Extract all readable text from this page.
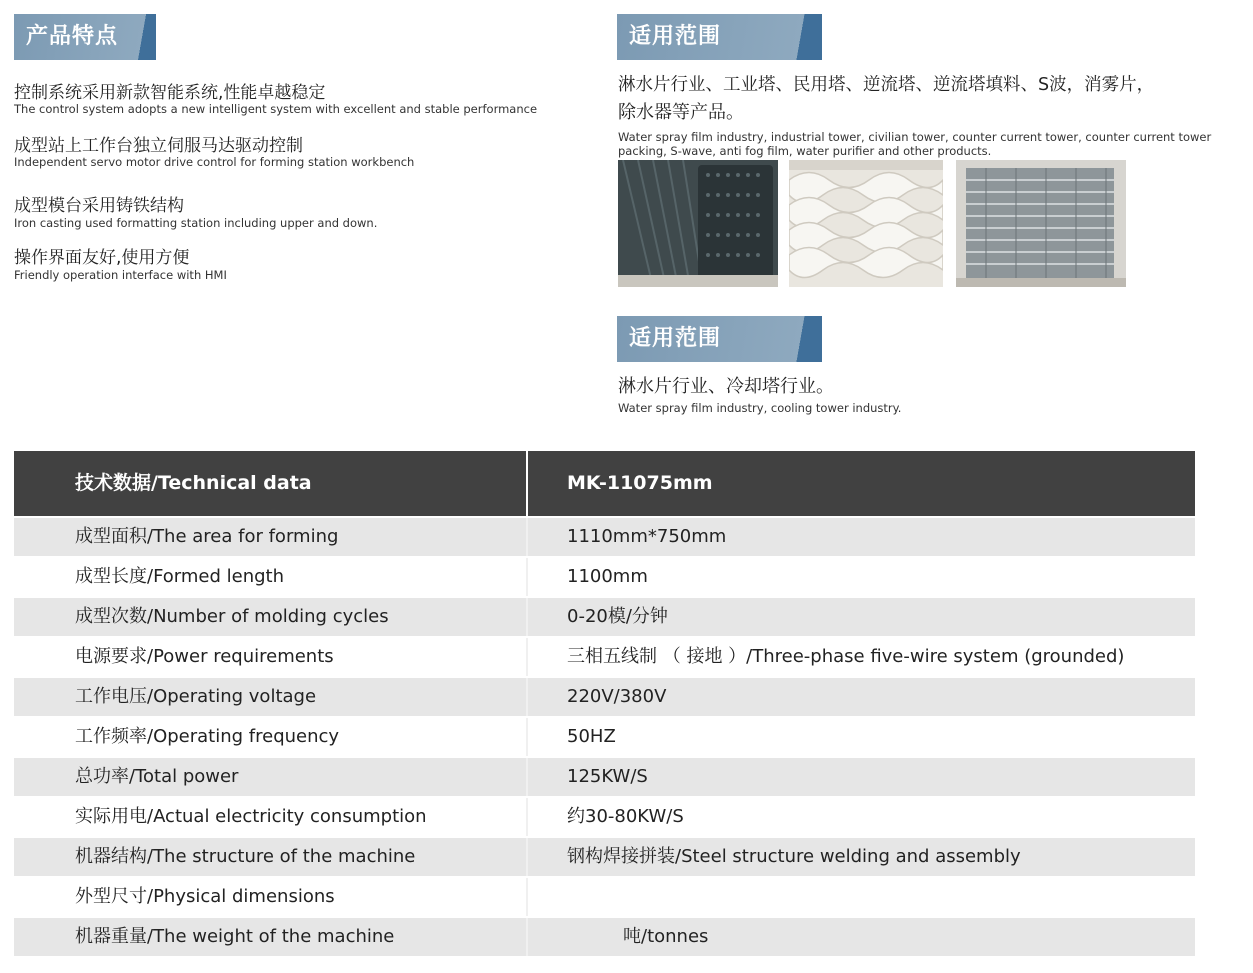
产品特点
控制系统采用新款智能系统,性能卓越稳定
The control system adopts a new intelligent system with excellent and stable performance
成型站上工作台独立伺服马达驱动控制
Independent servo motor drive control for forming station workbench
成型模台采用铸铁结构
Iron casting used formatting station including upper and down.
操作界面友好,使用方便
Friendly operation interface with HMI
适用范围
淋水片行业、工业塔、民用塔、逆流塔、逆流塔填料、S波，消雾片，
除水器等产品。
Water spray film industry, industrial tower, civilian tower, counter current tower, counter current tower
packing, S-wave, anti fog film, water purifier and other products.
适用范围
淋水片行业、冷却塔行业。
Water spray film industry, cooling tower industry.
技术数据/Technical data	MK-11075mm
成型面积/The area for forming	1110mm*750mm
成型长度/Formed length	1100mm
成型次数/Number of molding cycles	0-20模/分钟
电源要求/Power requirements	三相五线制 （ 接地 ）/Three-phase five-wire system (grounded)
工作电压/Operating voltage	220V/380V
工作频率/Operating frequency	50HZ
总功率/Total power	125KW/S
实际用电/Actual electricity consumption	约30-80KW/S
机器结构/The structure of the machine	钢构焊接拼装/Steel structure welding and assembly
外型尺寸/Physical dimensions
机器重量/The weight of the machine	吨/tonnes
